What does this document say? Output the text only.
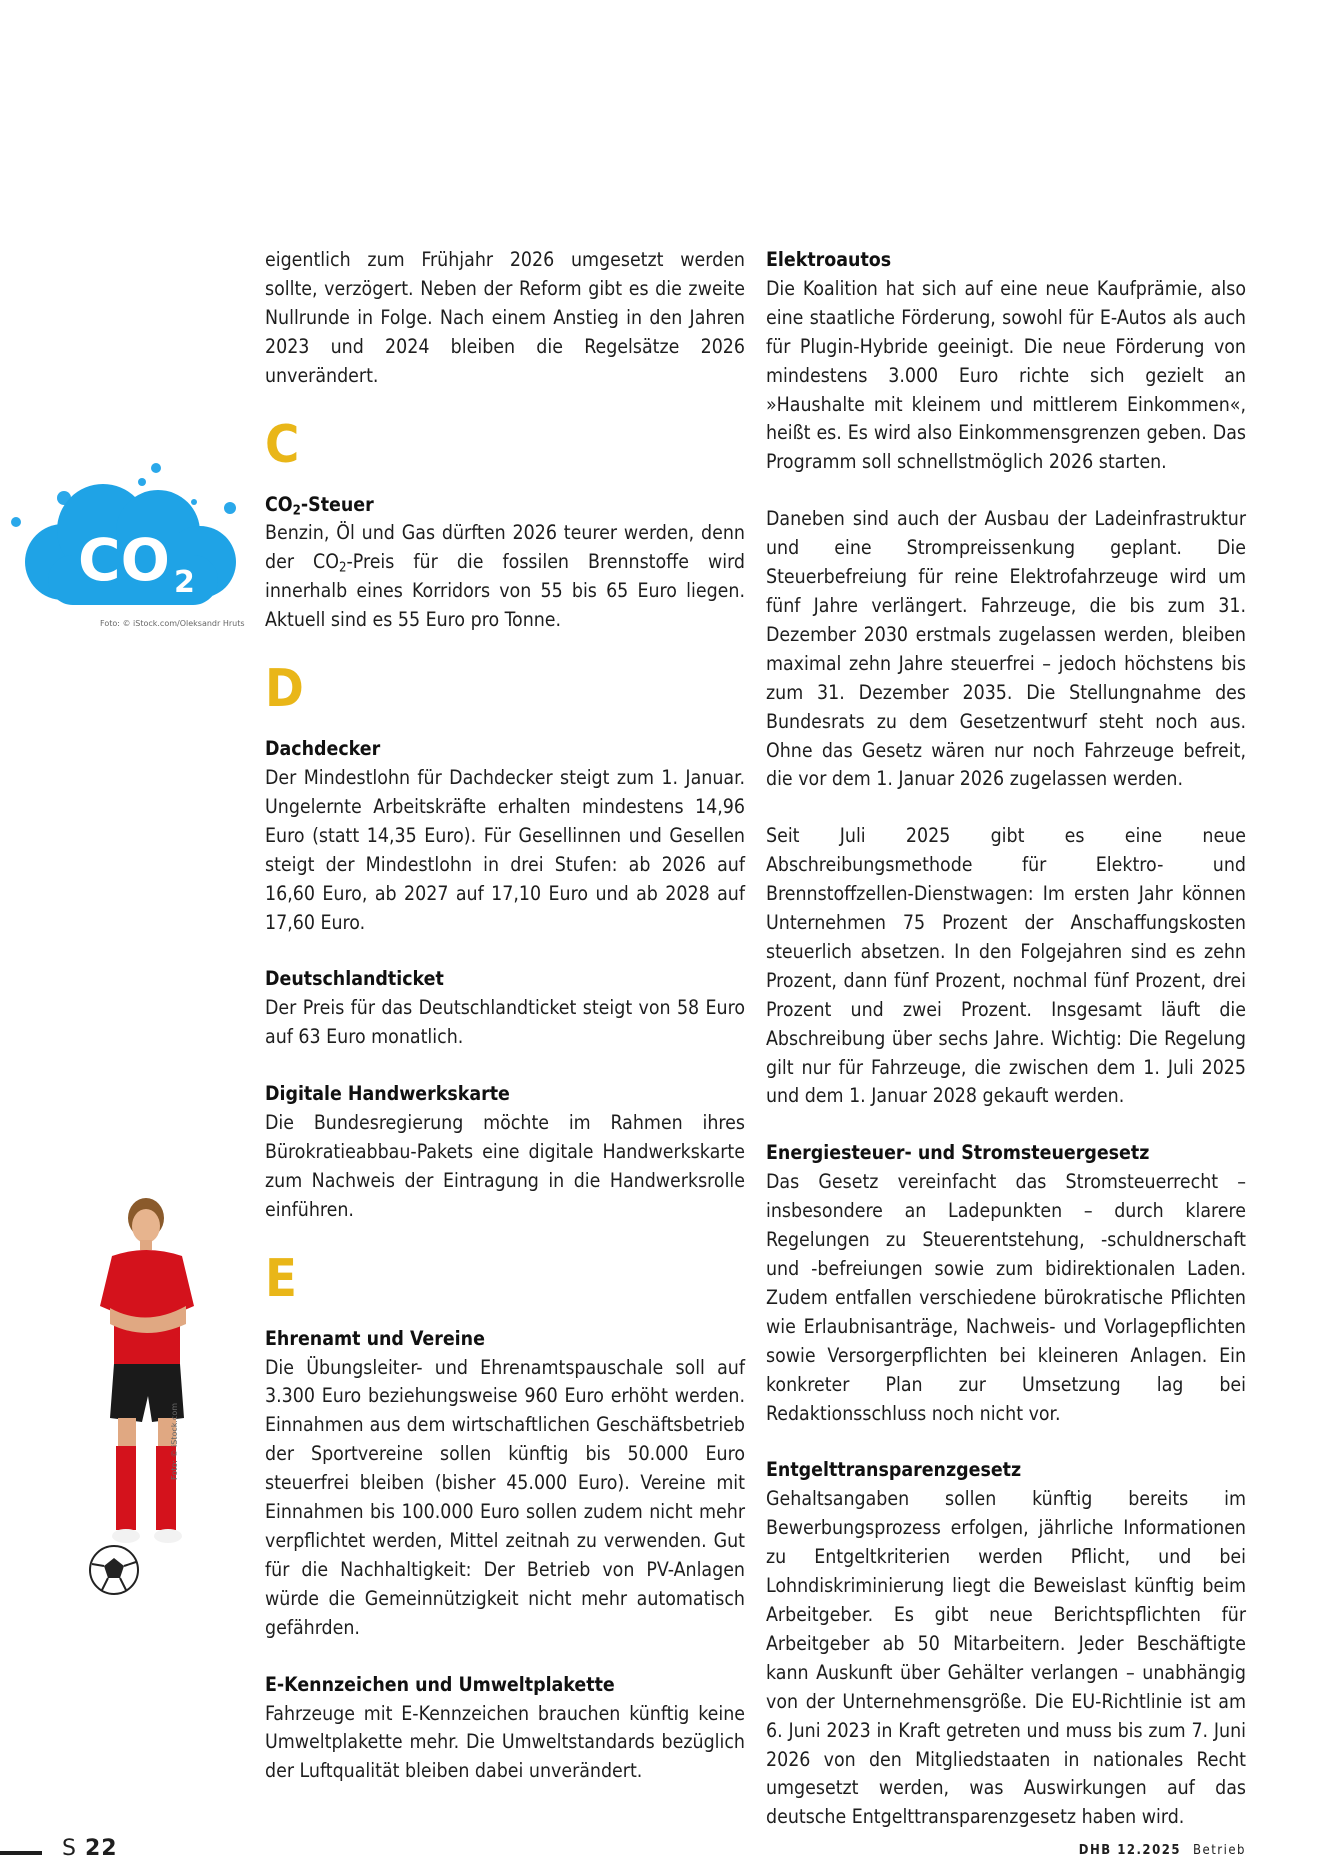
CO 2
Foto: © iStock.com/Oleksandr Hruts
Foto: © iStock.com

eigentlich zum Frühjahr 2026 umgesetzt werden sollte, verzögert. Neben der Reform gibt es die zweite Nullrunde in Folge. Nach einem Anstieg in den Jahren 2023 und 2024 bleiben die Regelsätze 2026 unverändert.

C

$CO_2$-Steuer

Benzin, Öl und Gas dürften 2026 teurer werden, denn der $CO_2$-Preis für die fossilen Brennstoffe wird innerhalb eines Korridors von 55 bis 65 Euro liegen. Aktuell sind es 55 Euro pro Tonne.

D

Dachdecker

Der Mindestlohn für Dachdecker steigt zum 1. Januar. Ungelernte Arbeitskräfte erhalten mindestens 14,96 Euro (statt 14,35 Euro). Für Gesellinnen und Gesellen steigt der Mindestlohn in drei Stufen: ab 2026 auf 16,60 Euro, ab 2027 auf 17,10 Euro und ab 2028 auf 17,60 Euro.

Deutschlandticket

Der Preis für das Deutschlandticket steigt von 58 Euro auf 63 Euro monatlich.

Digitale Handwerkskarte

Die Bundesregierung möchte im Rahmen ihres Bürokratieabbau-Pakets eine digitale Handwerkskarte zum Nachweis der Eintragung in die Handwerksrolle einführen.

E

Ehrenamt und Vereine

Die Übungsleiter- und Ehrenamtspauschale soll auf 3.300 Euro beziehungsweise 960 Euro erhöht werden. Einnahmen aus dem wirtschaftlichen Geschäftsbetrieb der Sportvereine sollen künftig bis 50.000 Euro steuerfrei bleiben (bisher 45.000 Euro). Vereine mit Einnahmen bis 100.000 Euro sollen zudem nicht mehr verpflichtet werden, Mittel zeitnah zu verwenden. Gut für die Nachhaltigkeit: Der Betrieb von PV-Anlagen würde die Gemeinnützigkeit nicht mehr automatisch gefährden.

E-Kennzeichen und Umweltplakette

Fahrzeuge mit E-Kennzeichen brauchen künftig keine Umweltplakette mehr. Die Umweltstandards bezüglich der Luftqualität bleiben dabei unverändert.

Elektroautos

Die Koalition hat sich auf eine neue Kaufprämie, also eine staatliche Förderung, sowohl für E-Autos als auch für Plugin-Hybride geeinigt. Die neue Förderung von mindestens 3.000 Euro richte sich gezielt an »Haushalte mit kleinem und mittlerem Einkommen«, heißt es. Es wird also Einkommensgrenzen geben. Das Programm soll schnellstmöglich 2026 starten.

Daneben sind auch der Ausbau der Ladeinfrastruktur und eine Strompreissenkung geplant. Die Steuerbefreiung für reine Elektrofahrzeuge wird um fünf Jahre verlängert. Fahrzeuge, die bis zum 31. Dezember 2030 erstmals zugelassen werden, bleiben maximal zehn Jahre steuerfrei – jedoch höchstens bis zum 31. Dezember 2035. Die Stellungnahme des Bundesrats zu dem Gesetzentwurf steht noch aus. Ohne das Gesetz wären nur noch Fahrzeuge befreit, die vor dem 1. Januar 2026 zugelassen werden.

Seit Juli 2025 gibt es eine neue Abschreibungsmethode für Elektro- und Brennstoffzellen-Dienstwagen: Im ersten Jahr können Unternehmen 75 Prozent der Anschaffungskosten steuerlich absetzen. In den Folgejahren sind es zehn Prozent, dann fünf Prozent, nochmal fünf Prozent, drei Prozent und zwei Prozent. Insgesamt läuft die Abschreibung über sechs Jahre. Wichtig: Die Regelung gilt nur für Fahrzeuge, die zwischen dem 1. Juli 2025 und dem 1. Januar 2028 gekauft werden.

Energiesteuer- und Stromsteuergesetz

Das Gesetz vereinfacht das Stromsteuerrecht – insbesondere an Ladepunkten – durch klarere Regelungen zu Steuerentstehung, -schuldnerschaft und -befreiungen sowie zum bidirektionalen Laden. Zudem entfallen verschiedene bürokratische Pflichten wie Erlaubnisanträge, Nachweis- und Vorlagepflichten sowie Versorgerpflichten bei kleineren Anlagen. Ein konkreter Plan zur Umsetzung lag bei Redaktionsschluss noch nicht vor.

Entgelttransparenzgesetz

Gehaltsangaben sollen künftig bereits im Bewerbungsprozess erfolgen, jährliche Informationen zu Entgeltkriterien werden Pflicht, und bei Lohndiskriminierung liegt die Beweislast künftig beim Arbeitgeber. Es gibt neue Berichtspflichten für Arbeitgeber ab 50 Mitarbeitern. Jeder Beschäftigte kann Auskunft über Gehälter verlangen – unabhängig von der Unternehmensgröße. Die EU-Richtlinie ist am 6. Juni 2023 in Kraft getreten und muss bis zum 7. Juni 2026 von den Mitgliedstaaten in nationales Recht umgesetzt werden, was Auswirkungen auf das deutsche Entgelttransparenzgesetz haben wird.

S 22	DHB 12.2025 Betrieb
